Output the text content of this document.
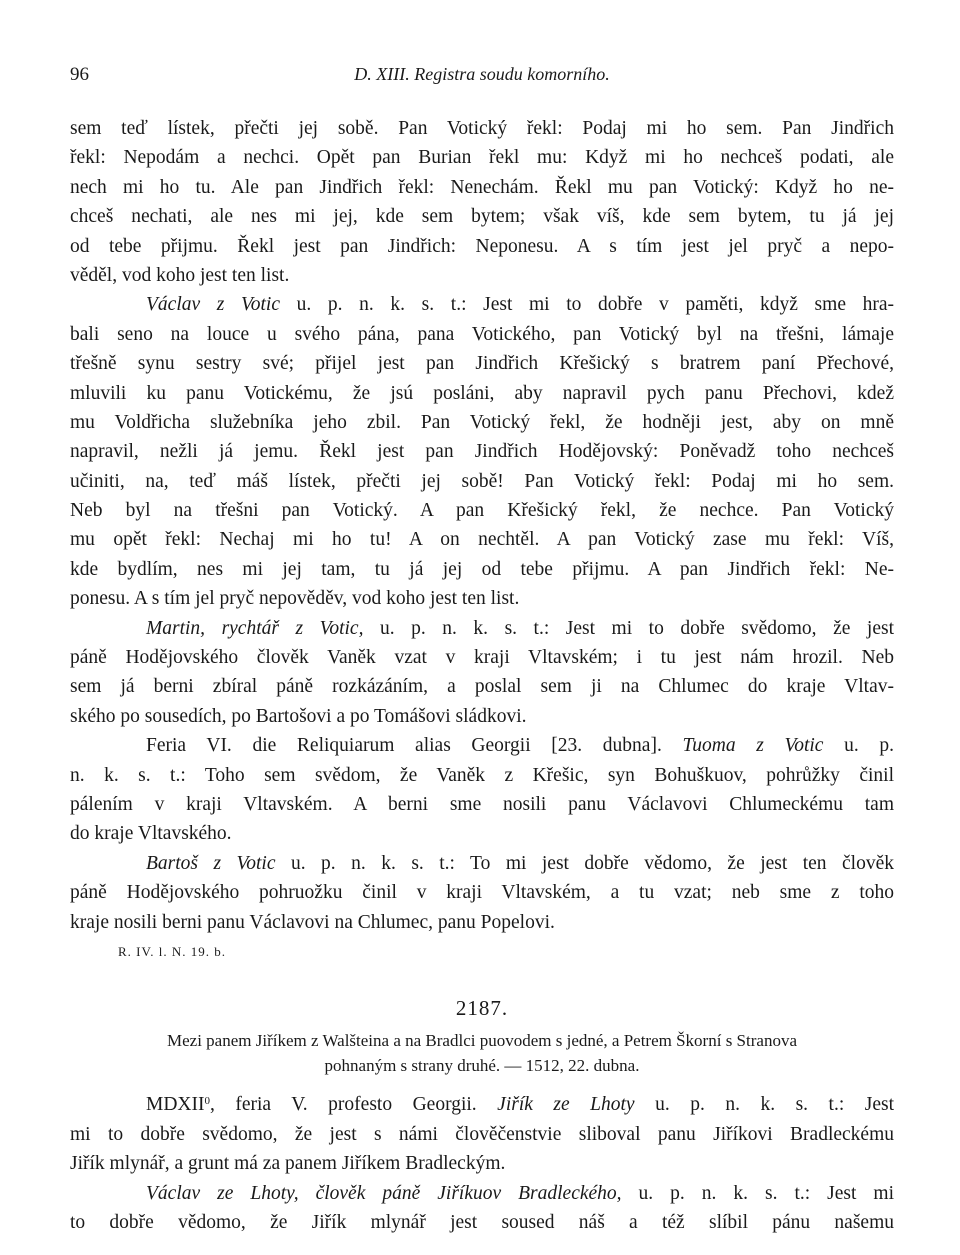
96	D. XIII. Registra soudu komorního.
sem teď lístek, přečti jej sobě. Pan Votický řekl: Podaj mi ho sem. Pan Jindřich
řekl: Nepodám a nechci. Opět pan Burian řekl mu: Když mi ho nechceš podati, ale
nech mi ho tu. Ale pan Jindřich řekl: Nenechám. Řekl mu pan Votický: Když ho ne-
chceš nechati, ale nes mi jej, kde sem bytem; však víš, kde sem bytem, tu já jej
od tebe přijmu. Řekl jest pan Jindřich: Neponesu. A s tím jest jel pryč a nepo-
věděl, vod koho jest ten list.
Václav z Votic u. p. n. k. s. t.: Jest mi to dobře v paměti, když sme hra-
bali seno na louce u svého pána, pana Votického, pan Votický byl na třešni, lámaje
třešně synu sestry své; přijel jest pan Jindřich Křešický s bratrem paní Přechové,
mluvili ku panu Votickému, že jsú posláni, aby napravil pych panu Přechovi, kdež
mu Voldřicha služebníka jeho zbil. Pan Votický řekl, že hodněji jest, aby on mně
napravil, nežli já jemu. Řekl jest pan Jindřich Hodějovský: Poněvadž toho nechceš
učiniti, na, teď máš lístek, přečti jej sobě! Pan Votický řekl: Podaj mi ho sem.
Neb byl na třešni pan Votický. A pan Křešický řekl, že nechce. Pan Votický
mu opět řekl: Nechaj mi ho tu! A on nechtěl. A pan Votický zase mu řekl: Víš,
kde bydlím, nes mi jej tam, tu já jej od tebe přijmu. A pan Jindřich řekl: Ne-
ponesu. A s tím jel pryč nepověděv, vod koho jest ten list.
Martin, rychtář z Votic, u. p. n. k. s. t.: Jest mi to dobře svědomo, že jest
páně Hodějovského člověk Vaněk vzat v kraji Vltavském; i tu jest nám hrozil. Neb
sem já berni zbíral páně rozkázáním, a poslal sem ji na Chlumec do kraje Vltav-
ského po sousedích, po Bartošovi a po Tomášovi sládkovi.
Feria VI. die Reliquiarum alias Georgii [23. dubna]. Tuoma z Votic u. p.
n. k. s. t.: Toho sem svědom, že Vaněk z Křešic, syn Bohuškuov, pohrůžky činil
pálením v kraji Vltavském. A berni sme nosili panu Václavovi Chlumeckému tam
do kraje Vltavského.
Bartoš z Votic u. p. n. k. s. t.: To mi jest dobře vědomo, že jest ten člověk
páně Hodějovského pohruožku činil v kraji Vltavském, a tu vzat; neb sme z toho
kraje nosili berni panu Václavovi na Chlumec, panu Popelovi.
R. IV. l. N. 19. b.
2187.
Mezi panem Jiříkem z Walšteina a na Bradlci puovodem s jedné, a Petrem Škorní s Stranova
pohnaným s strany druhé. — 1512, 22. dubna.
MDXII$^0$, feria V. profesto Georgii. Jiřík ze Lhoty u. p. n. k. s. t.: Jest
mi to dobře svědomo, že jest s námi člověčenstvie sliboval panu Jiříkovi Bradleckému
Jiřík mlynář, a grunt má za panem Jiříkem Bradleckým.
Václav ze Lhoty, člověk páně Jiříkuov Bradleckého, u. p. n. k. s. t.: Jest mi
to dobře vědomo, že Jiřík mlynář jest soused náš a též slíbil pánu našemu
